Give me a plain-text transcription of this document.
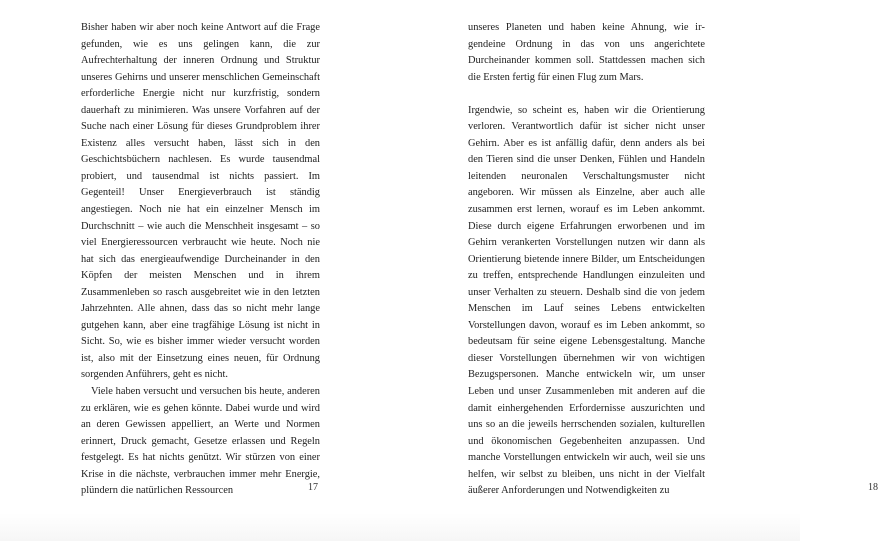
Bisher haben wir aber noch keine Antwort auf die Frage gefunden, wie es uns gelingen kann, die zur Aufrechterhaltung der inneren Ordnung und Struktur unseres Gehirns und unserer menschlichen Gemeinschaft erforderliche Energie nicht nur kurzfristig, sondern dauerhaft zu minimieren. Was unsere Vorfahren auf der Suche nach einer Lösung für dieses Grundproblem ihrer Existenz alles versucht haben, lässt sich in den Geschichtsbüchern nachlesen. Es wurde tausendmal probiert, und tausendmal ist nichts passiert. Im Gegenteil! Unser Energieverbrauch ist ständig angestiegen. Noch nie hat ein einzelner Mensch im Durchschnitt – wie auch die Menschheit insgesamt – so viel Energieressourcen verbraucht wie heute. Noch nie hat sich das energieaufwendige Durcheinander in den Köpfen der meisten Menschen und in ihrem Zusammenleben so rasch ausgebreitet wie in den letzten Jahrzehnten. Alle ahnen, dass das so nicht mehr lange gutgehen kann, aber eine tragfähige Lösung ist nicht in Sicht. So, wie es bisher immer wieder versucht worden ist, also mit der Einsetzung eines neuen, für Ordnung sorgenden Anführers, geht es nicht.

Viele haben versucht und versuchen bis heute, anderen zu erklären, wie es gehen könnte. Dabei wurde und wird an deren Gewissen appelliert, an Werte und Normen erinnert, Druck gemacht, Gesetze erlassen und Regeln festgelegt. Es hat nichts genützt. Wir stürzen von einer Krise in die nächste, verbrauchen immer mehr Energie, plündern die natürlichen Ressourcen	17

unseres Planeten und haben keine Ahnung, wie irgendeine Ordnung in das von uns angerichtete Durcheinander kommen soll. Stattdessen machen sich die Ersten fertig für einen Flug zum Mars.

Irgendwie, so scheint es, haben wir die Orientierung verloren. Verantwortlich dafür ist sicher nicht unser Gehirn. Aber es ist anfällig dafür, denn anders als bei den Tieren sind die unser Denken, Fühlen und Handeln leitenden neuronalen Verschaltungsmuster nicht angeboren. Wir müssen als Einzelne, aber auch alle zusammen erst lernen, worauf es im Leben ankommt. Diese durch eigene Erfahrungen erworbenen und im Gehirn verankerten Vorstellungen nutzen wir dann als Orientierung bietende innere Bilder, um Entscheidungen zu treffen, entsprechende Handlungen einzuleiten und unser Verhalten zu steuern. Deshalb sind die von jedem Menschen im Lauf seines Lebens entwickelten Vorstellungen davon, worauf es im Leben ankommt, so bedeutsam für seine eigene Lebensgestaltung. Manche dieser Vorstellungen übernehmen wir von wichtigen Bezugspersonen. Manche entwickeln wir, um unser Leben und unser Zusammenleben mit anderen auf die damit einhergehenden Erfordernisse auszurichten und uns so an die jeweils herrschenden sozialen, kulturellen und ökonomischen Gegebenheiten anzupassen. Und manche Vorstellungen entwickeln wir auch, weil sie uns helfen, wir selbst zu bleiben, uns nicht in der Vielfalt äußerer Anforderungen und Notwendigkeiten zu	18
